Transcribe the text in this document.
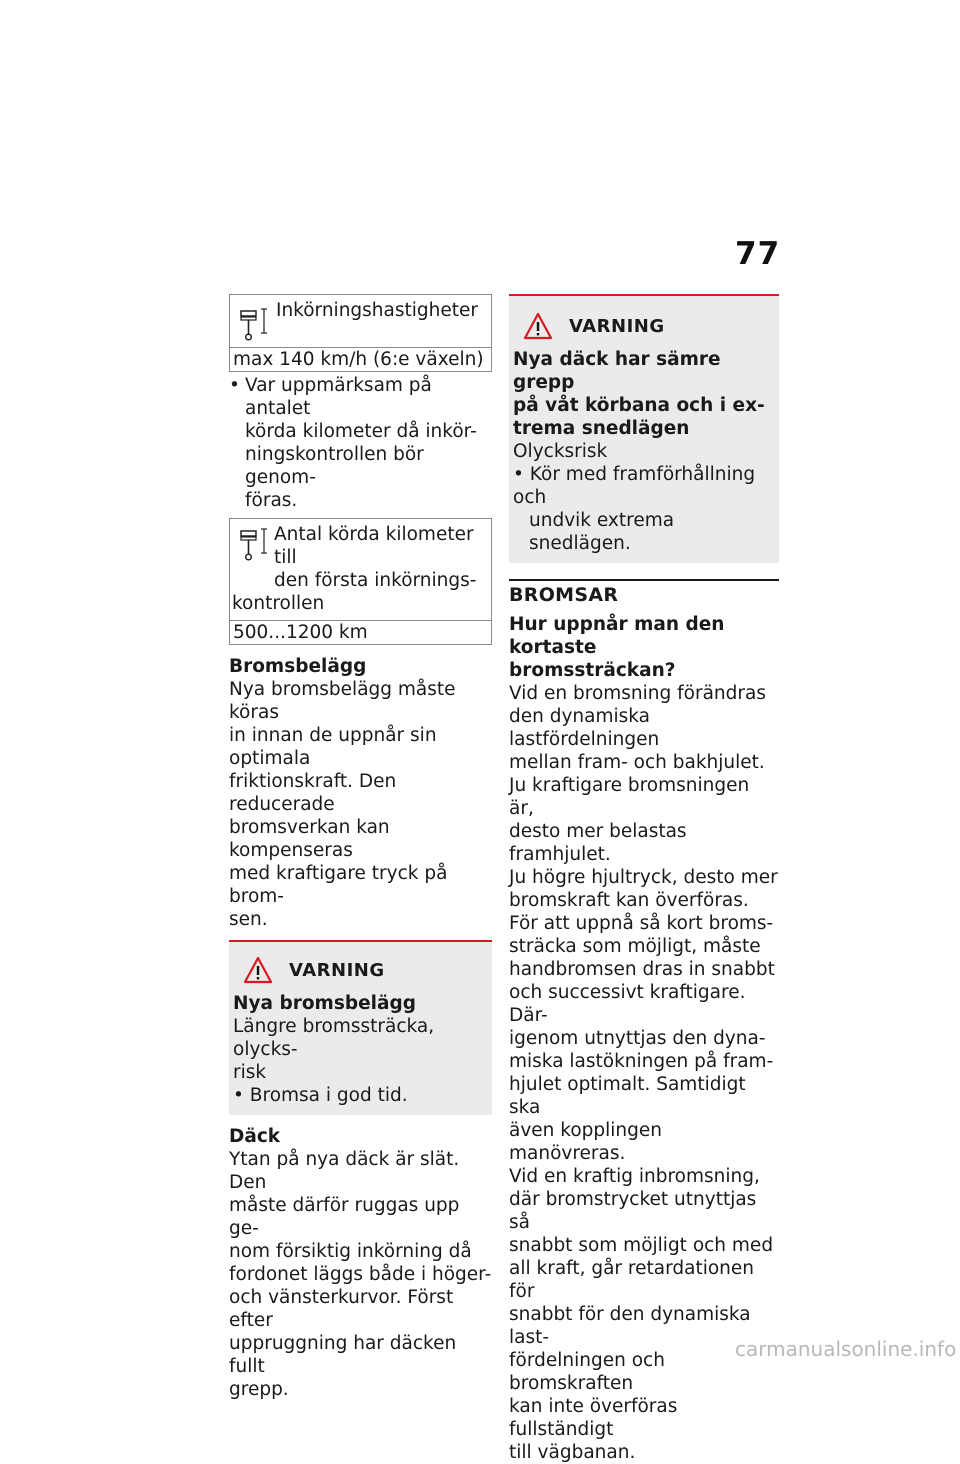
77
Inkörningshastigheter
max 140 km/h (6:e växeln)
• Var uppmärksam på antalet
körda kilometer då inkör-
ningskontrollen bör genom-
föras.
Antal körda kilometer till
den första inkörnings-
kontrollen
500...1200 km
Bromsbelägg
Nya bromsbelägg måste köras
in innan de uppnår sin optimala
friktionskraft. Den reducerade
bromsverkan kan kompenseras
med kraftigare tryck på brom-
sen.
VARNING
Nya bromsbelägg
Längre bromssträcka, olycks-
risk
• Bromsa i god tid.
Däck
Ytan på nya däck är slät. Den
måste därför ruggas upp ge-
nom försiktig inkörning då
fordonet läggs både i höger-
och vänsterkurvor. Först efter
uppruggning har däcken fullt
grepp.
VARNING
Nya däck har sämre grepp
på våt körbana och i ex-
trema snedlägen
Olycksrisk
• Kör med framförhållning och
undvik extrema snedlägen.
BROMSAR
Hur uppnår man den kortaste
bromssträckan?
Vid en bromsning förändras
den dynamiska lastfördelningen
mellan fram- och bakhjulet.
Ju kraftigare bromsningen är,
desto mer belastas framhjulet.
Ju högre hjultryck, desto mer
bromskraft kan överföras.
För att uppnå så kort broms-
sträcka som möjligt, måste
handbromsen dras in snabbt
och successivt kraftigare. Där-
igenom utnyttjas den dyna-
miska lastökningen på fram-
hjulet optimalt. Samtidigt ska
även kopplingen manövreras.
Vid en kraftig inbromsning,
där bromstrycket utnyttjas så
snabbt som möjligt och med
all kraft, går retardationen för
snabbt för den dynamiska last-
fördelningen och bromskraften
kan inte överföras fullständigt
till vägbanan.
carmanualsonline.info
